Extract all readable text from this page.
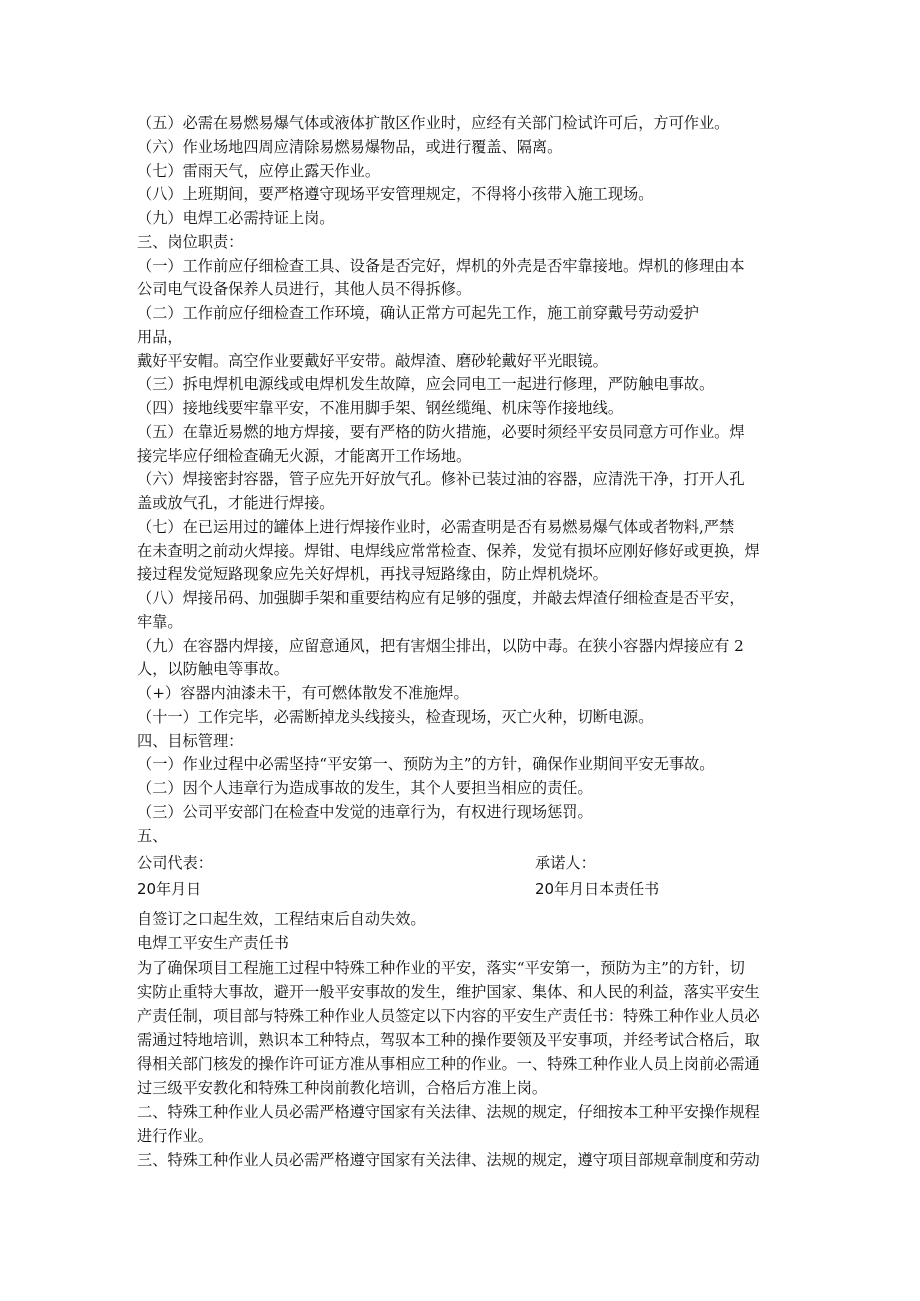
（五）必需在易燃易爆气体或液体扩散区作业时，应经有关部门检试许可后，方可作业。

（六）作业场地四周应清除易燃易爆物品，或进行覆盖、隔离。

（七）雷雨天气，应停止露天作业。

（八）上班期间，要严格遵守现场平安管理规定，不得将小孩带入施工现场。

（九）电焊工必需持证上岗。

三、岗位职责：

（一）工作前应仔细检查工具、设备是否完好，焊机的外壳是否牢靠接地。焊机的修理由本

公司电气设备保养人员进行，其他人员不得拆修。

（二）工作前应仔细检查工作环境，确认正常方可起先工作，施工前穿戴号劳动爱护

用品，

戴好平安帽。高空作业要戴好平安带。敲焊渣、磨砂轮戴好平光眼镜。

（三）拆电焊机电源线或电焊机发生故障，应会同电工一起进行修理，严防触电事故。

（四）接地线要牢靠平安，不准用脚手架、钢丝缆绳、机床等作接地线。

（五）在靠近易燃的地方焊接，要有严格的防火措施，必要时须经平安员同意方可作业。焊

接完毕应仔细检查确无火源，才能离开工作场地。

（六）焊接密封容器，管子应先开好放气孔。修补已装过油的容器，应清洗干净，打开人孔

盖或放气孔，才能进行焊接。

（七）在已运用过的罐体上进行焊接作业时，必需查明是否有易燃易爆气体或者物料,严禁

在未查明之前动火焊接。焊钳、电焊线应常常检查、保养，发觉有损坏应刚好修好或更换，焊

接过程发觉短路现象应先关好焊机，再找寻短路缘由，防止焊机烧坏。

（八）焊接吊码、加强脚手架和重要结构应有足够的强度，并敲去焊渣仔细检查是否平安，

牢靠。

（九）在容器内焊接，应留意通风，把有害烟尘排出，以防中毒。在狭小容器内焊接应有 2

人，以防触电等事故。

（+）容器内油漆未干，有可燃体散发不准施焊。

（十一）工作完毕，必需断掉龙头线接头，检查现场，灭亡火种，切断电源。

四、目标管理：

（一）作业过程中必需坚持“平安第一、预防为主”的方针，确保作业期间平安无事故。

（二）因个人违章行为造成事故的发生，其个人要担当相应的责任。

（三）公司平安部门在检查中发觉的违章行为，有权进行现场惩罚。

五、

公司代表：	承诺人：

20年月日	20年月日本责任书

自签订之口起生效，工程结束后自动失效。

电焊工平安生产责任书

为了确保项目工程施工过程中特殊工种作业的平安，落实“平安第一，预防为主”的方针，切

实防止重特大事故，避开一般平安事故的发生，维护国家、集体、和人民的利益，落实平安生

产责任制，项目部与特殊工种作业人员签定以下内容的平安生产责任书：特殊工种作业人员必

需通过特地培训，熟识本工种特点，驾驭本工种的操作要领及平安事项，并经考试合格后，取

得相关部门核发的操作许可证方准从事相应工种的作业。一、特殊工种作业人员上岗前必需通

过三级平安教化和特殊工种岗前教化培训，合格后方准上岗。

二、特殊工种作业人员必需严格遵守国家有关法律、法规的规定，仔细按本工种平安操作规程

进行作业。

三、特殊工种作业人员必需严格遵守国家有关法律、法规的规定，遵守项目部规章制度和劳动
